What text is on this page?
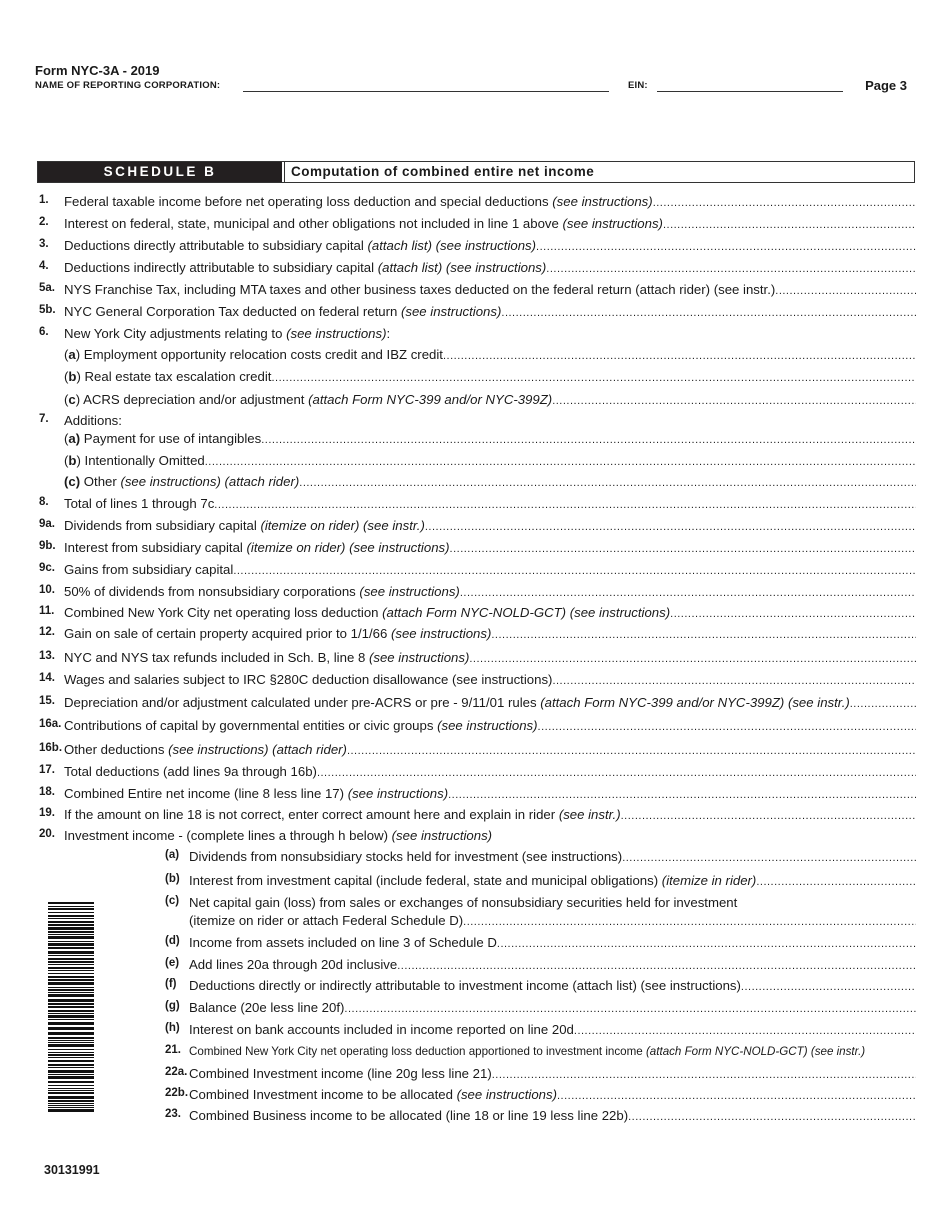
Form NYC-3A - 2019
NAME OF REPORTING CORPORATION:	EIN:	Page 3
SCHEDULE B	Computation of combined entire net income
1. Federal taxable income before net operating loss deduction and special deductions (see instructions)
.....
2. Interest on federal, state, municipal and other obligations not included in line 1 above (see instructions)
.....
3. Deductions directly attributable to subsidiary capital (attach list) (see instructions)
.....
4. Deductions indirectly attributable to subsidiary capital (attach list) (see instructions)
.....
5a. NYS Franchise Tax, including MTA taxes and other business taxes deducted on the federal return (attach rider) (see instr.)
.....
5b. NYC General Corporation Tax deducted on federal return (see instructions)
.....
6. New York City adjustments relating to (see instructions):
(a) Employment opportunity relocation costs credit and IBZ credit
.....
(b) Real estate tax escalation credit
.....
(c) ACRS depreciation and/or adjustment (attach Form NYC-399 and/or NYC-399Z)
.....
7. Additions:
(a) Payment for use of intangibles
.....
(b) Intentionally Omitted
.....
(c) Other (see instructions) (attach rider)
.....
8. Total of lines 1 through 7c
.....
9a. Dividends from subsidiary capital (itemize on rider) (see instr.)
.....
9b. Interest from subsidiary capital (itemize on rider) (see instructions)
.....
9c. Gains from subsidiary capital
.....
10. 50% of dividends from nonsubsidiary corporations (see instructions)
.....
11. Combined New York City net operating loss deduction (attach Form NYC-NOLD-GCT) (see instructions)
.....
12. Gain on sale of certain property acquired prior to 1/1/66 (see instructions)
.....
13. NYC and NYS tax refunds included in Sch. B, line 8 (see instructions)
.....
14. Wages and salaries subject to IRC §280C deduction disallowance (see instructions)
.....
15. Depreciation and/or adjustment calculated under pre-ACRS or pre - 9/11/01 rules (attach Form NYC-399 and/or NYC-399Z) (see instr.)
.....
16a. Contributions of capital by governmental entities or civic groups (see instructions)
.....
16b. Other deductions (see instructions) (attach rider)
.....
17. Total deductions (add lines 9a through 16b)
.....
18. Combined Entire net income (line 8 less line 17) (see instructions)
.....
19. If the amount on line 18 is not correct, enter correct amount here and explain in rider (see instr.)
.....
20. Investment income - (complete lines a through h below) (see instructions)
(a) Dividends from nonsubsidiary stocks held for investment (see instructions)
.....
(b) Interest from investment capital (include federal, state and municipal obligations) (itemize in rider)
.....
(c) Net capital gain (loss) from sales or exchanges of nonsubsidiary securities held for investment
(itemize on rider or attach Federal Schedule D)
.....
(d) Income from assets included on line 3 of Schedule D
.....
(e) Add lines 20a through 20d inclusive
.....
(f) Deductions directly or indirectly attributable to investment income (attach list) (see instructions)
.....
(g) Balance (20e less line 20f)
.....
(h) Interest on bank accounts included in income reported on line 20d
.....
21. Combined New York City net operating loss deduction apportioned to investment income (attach Form NYC-NOLD-GCT) (see instr.)
22a. Combined Investment income (line 20g less line 21)
.....
22b. Combined Investment income to be allocated (see instructions)
.....
23. Combined Business income to be allocated (line 18 or line 19 less line 22b)
.....
30131991
